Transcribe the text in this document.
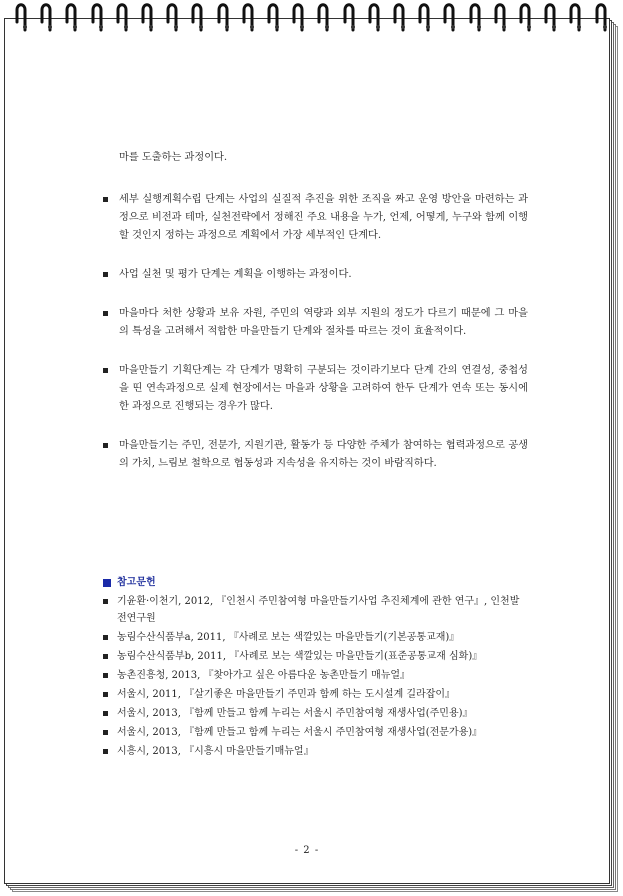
마를 도출하는 과정이다.

세부 실행계획수립 단계는 사업의 실질적 추진을 위한 조직을 짜고 운영 방안을 마련하는 과정으로 비전과 테마, 실천전략에서 정해진 주요 내용을 누가, 언제, 어떻게, 누구와 함께 이행할 것인지 정하는 과정으로 계획에서 가장 세부적인 단계다.

사업 실천 및 평가 단계는 계획을 이행하는 과정이다.

마을마다 처한 상황과 보유 자원, 주민의 역량과 외부 지원의 정도가 다르기 때문에 그 마을의 특성을 고려해서 적합한 마을만들기 단계와 절차를 따르는 것이 효율적이다.

마을만들기 기획단계는 각 단계가 명확히 구분되는 것이라기보다 단계 간의 연결성, 중첩성을 띤 연속과정으로 실제 현장에서는 마을과 상황을 고려하여 한두 단계가 연속 또는 동시에 한 과정으로 진행되는 경우가 많다.

마을만들기는 주민, 전문가, 지원기관, 활동가 등 다양한 주체가 참여하는 협력과정으로 공생의 가치, 느림보 철학으로 협동성과 지속성을 유지하는 것이 바람직하다.

참고문헌
기윤환·이천기, 2012, 『인천시 주민참여형 마을만들기사업 추진체계에 관한 연구』, 인천발전연구원
농림수산식품부a, 2011, 『사례로 보는 색깔있는 마을만들기(기본공통교재)』
농림수산식품부b, 2011, 『사례로 보는 색깔있는 마을만들기(표준공통교재 심화)』
농촌진흥청, 2013, 『찾아가고 싶은 아름다운 농촌만들기 매뉴얼』
서울시, 2011, 『살기좋은 마을만들기 주민과 함께 하는 도시설계 길라잡이』
서울시, 2013, 『함께 만들고 함께 누리는 서울시 주민참여형 재생사업(주민용)』
서울시, 2013, 『함께 만들고 함께 누리는 서울시 주민참여형 재생사업(전문가용)』
시흥시, 2013, 『시흥시 마을만들기매뉴얼』
- 2 -
